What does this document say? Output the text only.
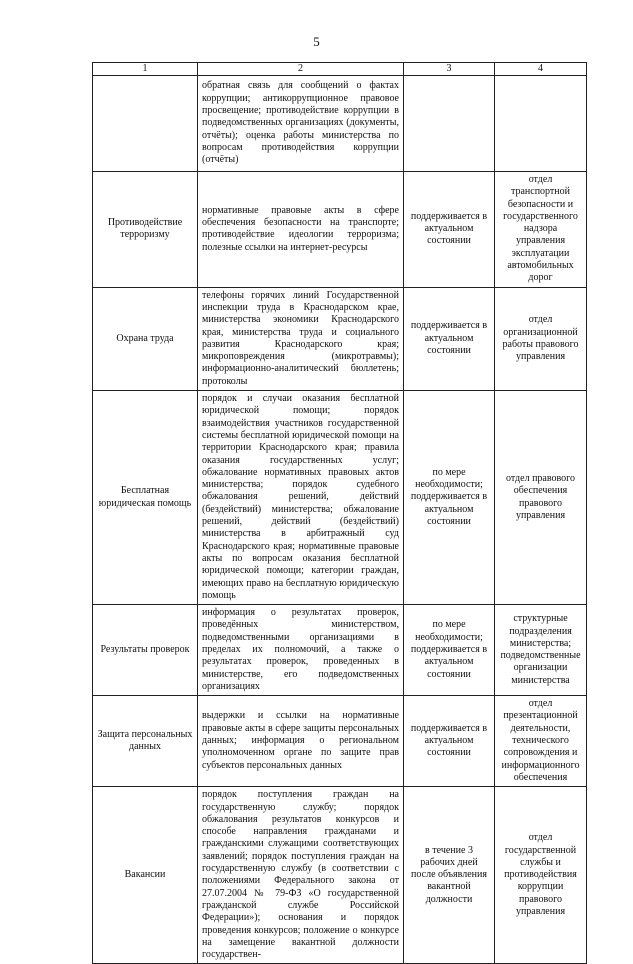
5
1	2	3	4
	обратная связь для сообщений о фактах коррупции; антикоррупционное правовое просвещение; противодействие коррупции в подведомственных организациях (документы, отчёты); оценка работы министерства по вопросам противодействия коррупции (отчёты)		
Противодействие терроризму	нормативные правовые акты в сфере обеспечения безопасности на транспорте; противодействие идеологии терроризма; полезные ссылки на интернет-ресурсы	поддерживается в актуальном состоянии	отдел транспортной безопасности и государственного надзора управления эксплуатации автомобильных дорог
Охрана труда	телефоны горячих линий Государственной инспекции труда в Краснодарском крае, министерства экономики Краснодарского края, министерства труда и социального развития Краснодарского края; микроповреждения (микротравмы); информационно-аналитический бюллетень; протоколы	поддерживается в актуальном состоянии	отдел организационной работы правового управления
Бесплатная юридическая помощь	порядок и случаи оказания бесплатной юридической помощи; порядок взаимодействия участников государственной системы бесплатной юридической помощи на территории Краснодарского края; правила оказания государственных услуг; обжалование нормативных правовых актов министерства; порядок судебного обжалования решений, действий (бездействий) министерства; обжалование решений, действий (бездействий) министерства в арбитражный суд Краснодарского края; нормативные правовые акты по вопросам оказания бесплатной юридической помощи; категории граждан, имеющих право на бесплатную юридическую помощь	по мере необходимости; поддерживается в актуальном состоянии	отдел правового обеспечения правового управления
Результаты проверок	информация о результатах проверок, проведённых министерством, подведомственными организациями в пределах их полномочий, а также о результатах проверок, проведенных в министерстве, его подведомственных организациях	по мере необходимости; поддерживается в актуальном состоянии	структурные подразделения министерства; подведомственные организации министерства
Защита персональных данных	выдержки и ссылки на нормативные правовые акты в сфере защиты персональных данных; информация о региональном уполномоченном органе по защите прав субъектов персональных данных	поддерживается в актуальном состоянии	отдел презентационной деятельности, технического сопровождения и информационного обеспечения
Вакансии	порядок поступления граждан на государственную службу; порядок обжалования результатов конкурсов и способе направления гражданами и гражданскими служащими соответствующих заявлений; порядок поступления граждан на государственную службу (в соответствии с положениями Федерального закона от 27.07.2004 № 79-ФЗ «О государственной гражданской службе Российской Федерации»); основания и порядок проведения конкурсов; положение о конкурсе на замещение вакантной должности государствен-	в течение 3 рабочих дней после объявления вакантной должности	отдел государственной службы и противодействия коррупции правового управления
